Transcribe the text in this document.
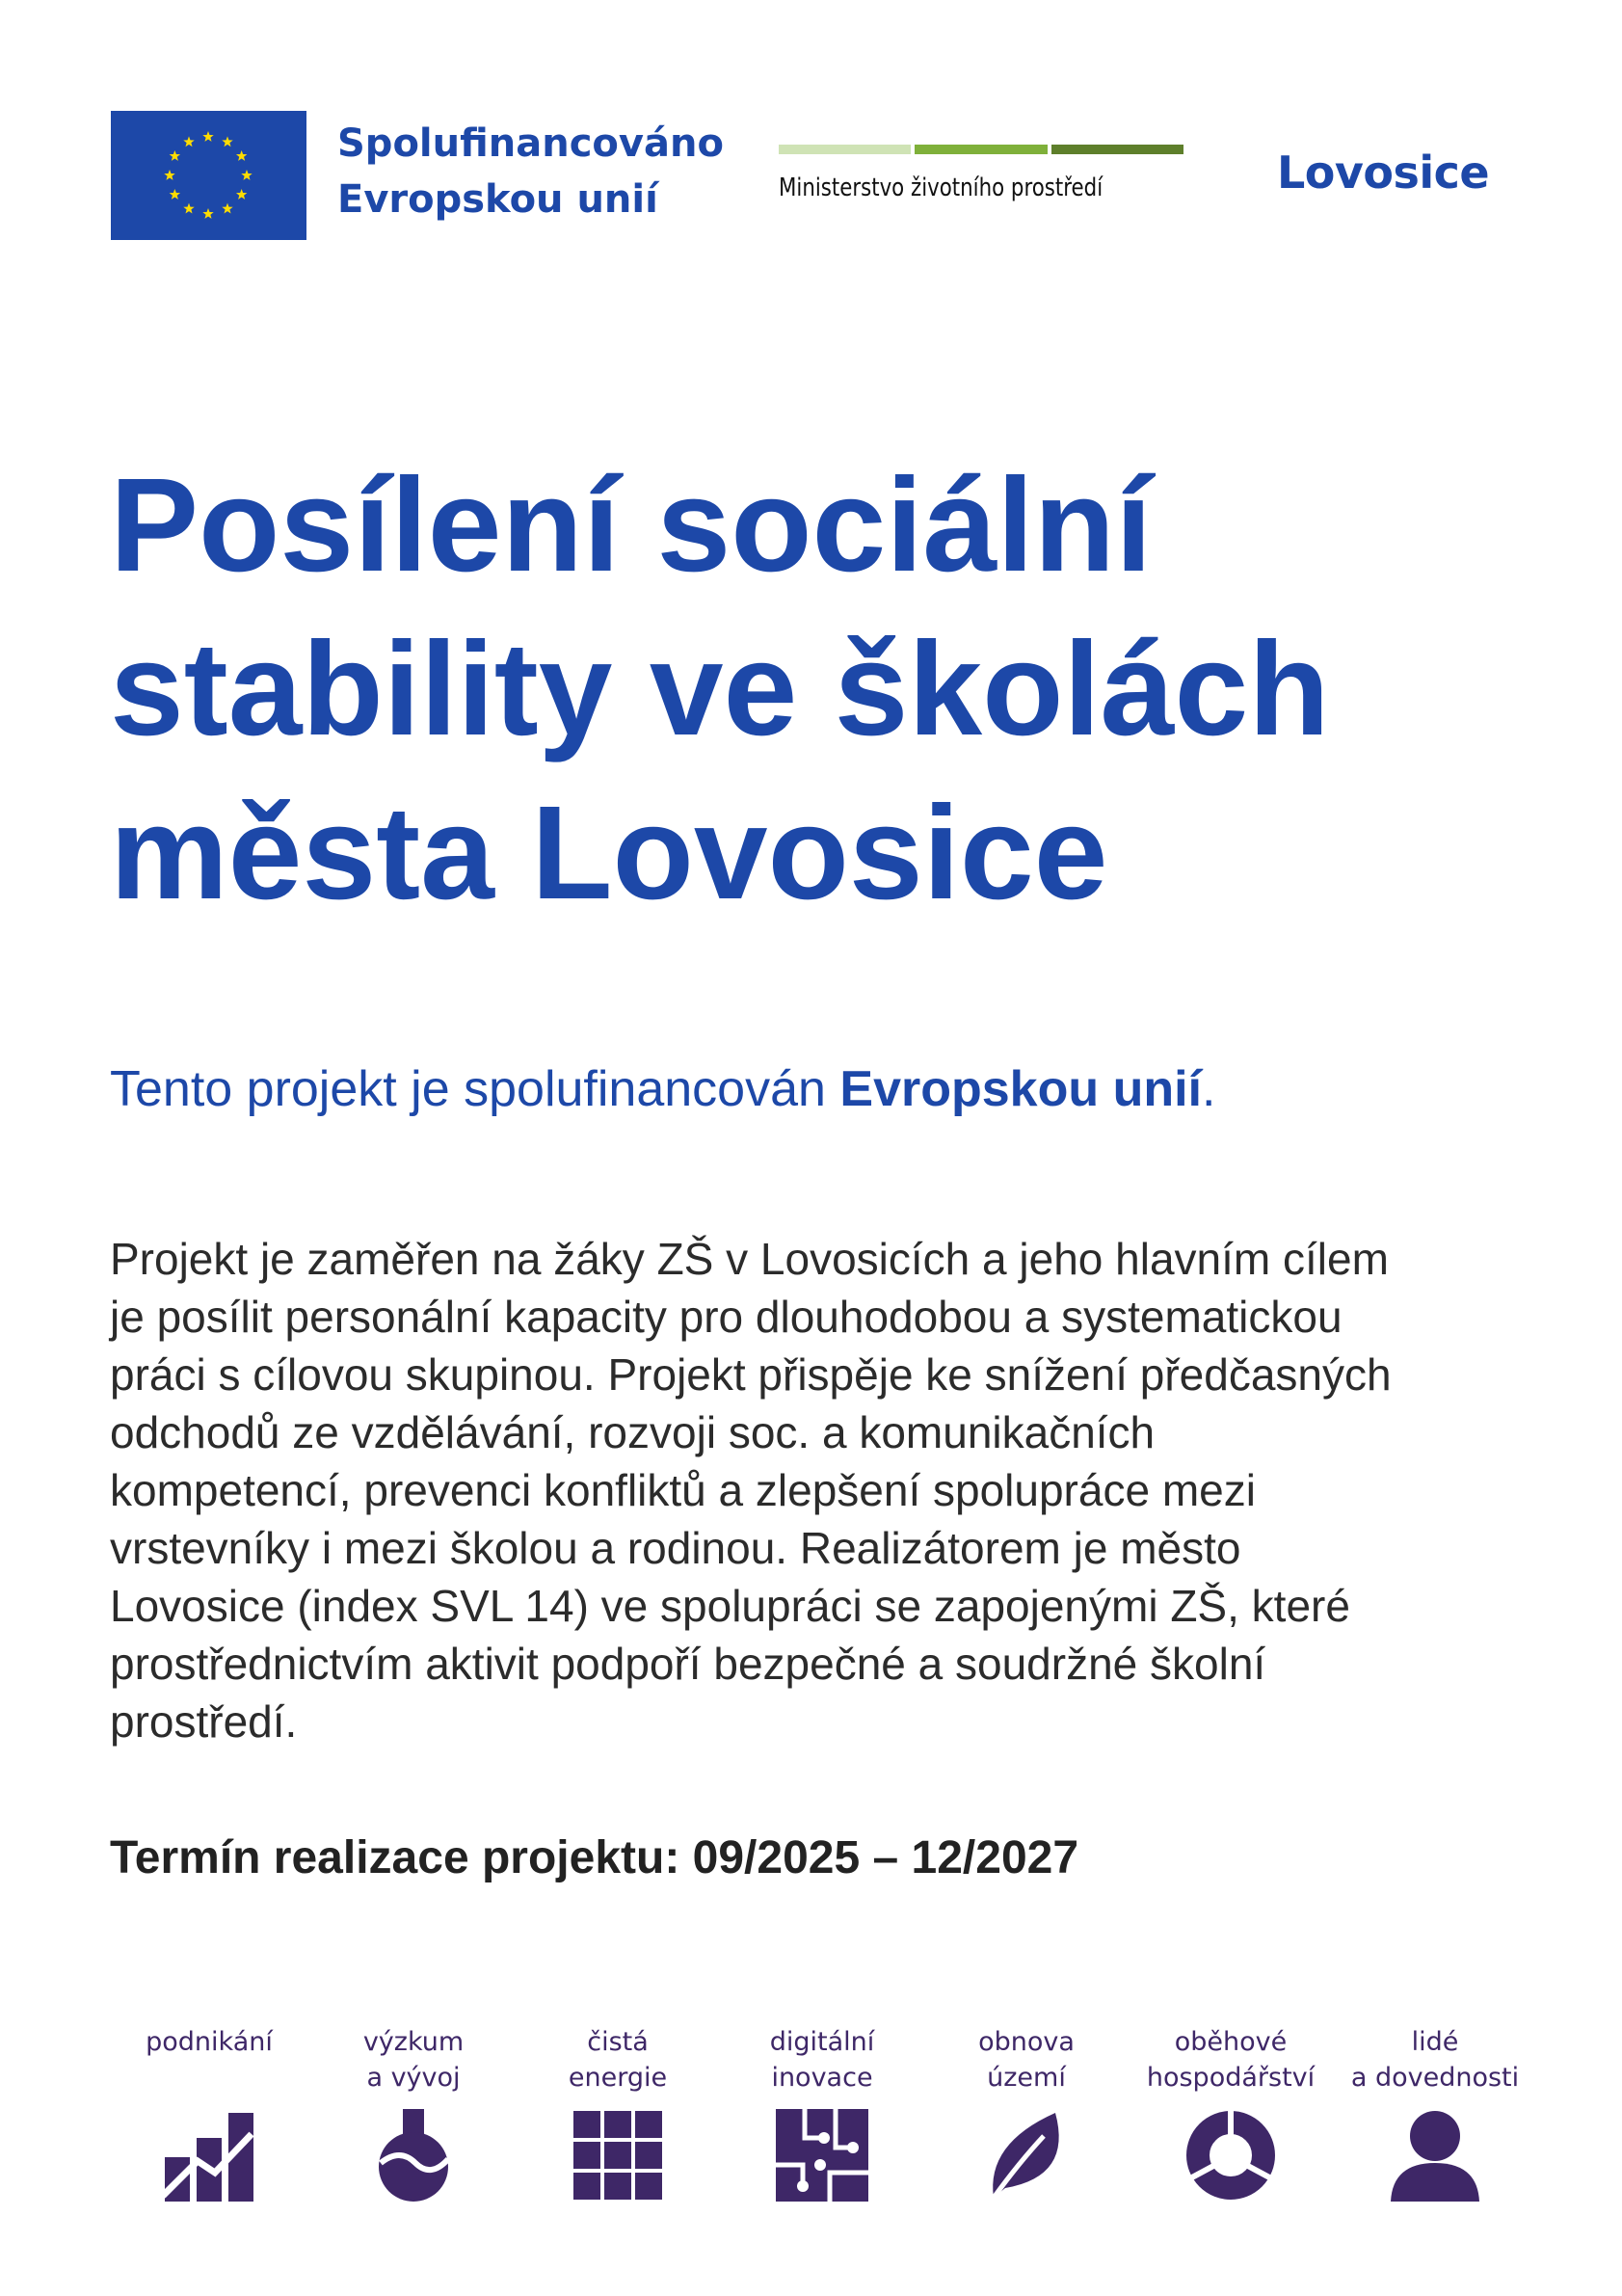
Spolufinancováno
Evropskou unií	Ministerstvo životního prostředí	Lovosice
Posílení sociální
stability ve školách
města Lovosice

Tento projekt je spolufinancován Evropskou unií.

Projekt je zaměřen na žáky ZŠ v Lovosicích a jeho hlavním cílem
je posílit personální kapacity pro dlouhodobou a systematickou
práci s cílovou skupinou. Projekt přispěje ke snížení předčasných
odchodů ze vzdělávání, rozvoji soc. a komunikačních
kompetencí, prevenci konfliktů a zlepšení spolupráce mezi
vrstevníky i mezi školou a rodinou. Realizátorem je město
Lovosice (index SVL 14) ve spolupráci se zapojenými ZŠ, které
prostřednictvím aktivit podpoří bezpečné a soudržné školní
prostředí.

Termín realizace projektu: 09/2025 – 12/2027

podnikání	výzkum
a vývoj
čistá
energie
digitální
inovace
obnova
území
oběhové
hospodářství
lidé
a dovednosti
